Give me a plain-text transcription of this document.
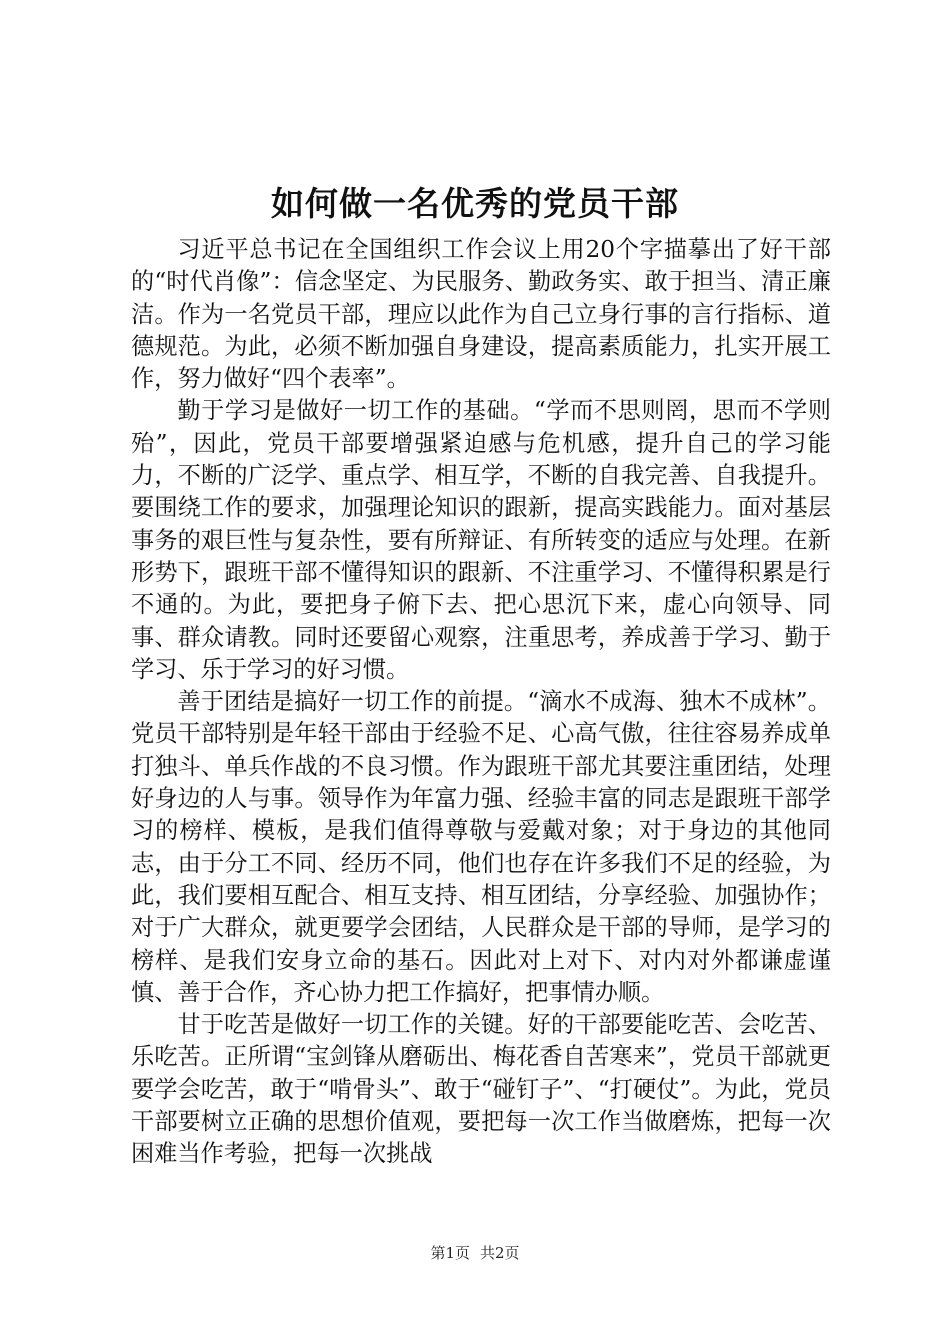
如何做一名优秀的党员干部

习近平总书记在全国组织工作会议上用20个字描摹出了好干部的“时代肖像”：信念坚定、为民服务、勤政务实、敢于担当、清正廉洁。作为一名党员干部，理应以此作为自己立身行事的言行指标、道德规范。为此，必须不断加强自身建设，提高素质能力，扎实开展工作，努力做好“四个表率”。

勤于学习是做好一切工作的基础。“学而不思则罔，思而不学则殆”，因此，党员干部要增强紧迫感与危机感，提升自己的学习能力，不断的广泛学、重点学、相互学，不断的自我完善、自我提升。要围绕工作的要求，加强理论知识的跟新，提高实践能力。面对基层事务的艰巨性与复杂性，要有所辩证、有所转变的适应与处理。在新形势下，跟班干部不懂得知识的跟新、不注重学习、不懂得积累是行不通的。为此，要把身子俯下去、把心思沉下来，虚心向领导、同事、群众请教。同时还要留心观察，注重思考，养成善于学习、勤于学习、乐于学习的好习惯。

善于团结是搞好一切工作的前提。“滴水不成海、独木不成林”。党员干部特别是年轻干部由于经验不足、心高气傲，往往容易养成单打独斗、单兵作战的不良习惯。作为跟班干部尤其要注重团结，处理好身边的人与事。领导作为年富力强、经验丰富的同志是跟班干部学习的榜样、模板，是我们值得尊敬与爱戴对象；对于身边的其他同志，由于分工不同、经历不同，他们也存在许多我们不足的经验，为此，我们要相互配合、相互支持、相互团结，分享经验、加强协作；对于广大群众，就更要学会团结，人民群众是干部的导师，是学习的榜样、是我们安身立命的基石。因此对上对下、对内对外都谦虚谨慎、善于合作，齐心协力把工作搞好，把事情办顺。

甘于吃苦是做好一切工作的关键。好的干部要能吃苦、会吃苦、乐吃苦。正所谓“宝剑锋从磨砺出、梅花香自苦寒来”，党员干部就更要学会吃苦，敢于“啃骨头”、敢于“碰钉子”、“打硬仗”。为此，党员干部要树立正确的思想价值观，要把每一次工作当做磨炼，把每一次困难当作考验，把每一次挑战

第1页 共2页
